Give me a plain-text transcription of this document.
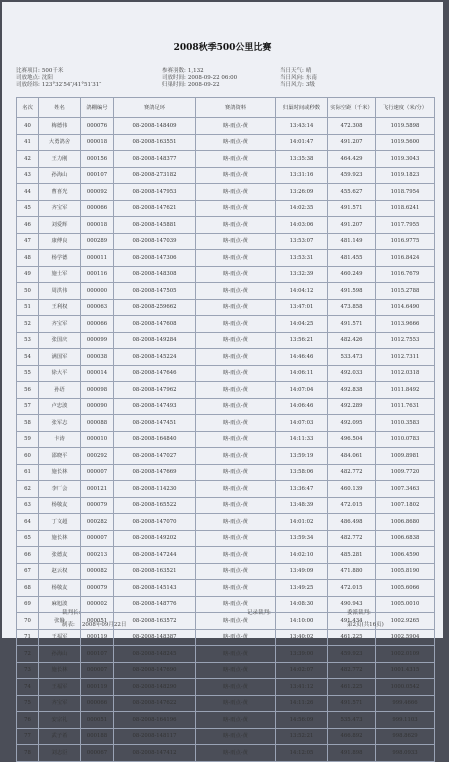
2008秋季500公里比赛
比赛项目: 500千米
司放地点: 沈阳
司放经纬: 123°32′54″/41°51′31″
参赛羽数: 1,132
司放时间: 2008-09-22 06:00
归巢时间: 2008-09-22
当日天气: 晴
当日风向: 东南
当日风力: 3级
名次	姓名	鸽棚编号	赛鸽足环	赛鸽资料	归巢时间或秒数	实际空距（千米）	飞行速度（米/分）
40	梅德伟	000076	08-2008-148409	瞎-雨点-黄	13:43:14	472.308	1019.5898
41	大勇鸽舍	000018	08-2008-163551	瞎-雨点-黄	14:01:47	491.207	1019.5600
42	王力刚	000156	08-2008-148377	瞎-雨点-黄	13:35:38	464.429	1019.3043
43	孙海山	000107	08-2008-273182	瞎-雨点-黄	13:31:16	459.923	1019.1823
44	曹喜光	000092	08-2008-147953	瞎-雨点-黄	13:26:09	455.627	1018.7954
45	齐宝军	000066	08-2008-147621	瞎-雨点-黄	14:02:35	491.571	1018.6241
46	刘爱辉	000018	08-2008-145881	瞎-雨点-黄	14:03:06	491.207	1017.7955
47	康傅良	000289	08-2008-147039	瞎-雨点-黄	13:53:07	481.149	1016.9775
48	杨学德	000011	08-2008-147306	瞎-雨点-黄	13:53:31	481.455	1016.8424
49	施士军	000116	08-2008-148308	瞎-雨点-黄	13:32:39	460.249	1016.7679
50	周洪伟	000000	08-2008-147505	瞎-雨点-黄	14:04:12	491.598	1015.2788
51	王利权	000063	08-2008-259662	瞎-雨点-黄	13:47:01	473.858	1014.6490
52	齐宝军	000066	08-2008-147608	瞎-雨点-黄	14:04:25	491.571	1013.9666
53	张国庆	000099	08-2008-149284	瞎-雨点-黄	13:56:21	482.426	1012.7553
54	满国军	000038	08-2008-145224	瞎-雨点-黄	14:46:46	533.473	1012.7311
55	徐大平	000014	08-2008-147646	瞎-雨点-黄	14:06:11	492.033	1012.0318
56	孙语	000098	08-2008-147962	瞎-雨点-黄	14:07:04	492.838	1011.8492
57	卢忠波	000090	08-2008-147493	瞎-雨点-黄	14:06:46	492.289	1011.7631
58	张军志	000088	08-2008-147451	瞎-雨点-黄	14:07:03	492.095	1010.3583
59	卡涛	000010	08-2008-164840	瞎-雨点-黄	14:11:33	496.504	1010.0783
60	邵晓平	000292	08-2008-147027	瞎-雨点-黄	13:59:19	484.061	1009.8981
61	施长林	000007	08-2008-147669	瞎-雨点-黄	13:58:06	482.772	1009.7720
62	李厂会	000121	08-2008-114230	瞎-雨点-黄	13:36:47	460.139	1007.3463
63	杨敬友	000079	08-2008-165522	瞎-雨点-黄	13:48:39	472.015	1007.1802
64	丁文超	000282	08-2008-147070	瞎-雨点-黄	14:01:02	486.498	1006.8680
65	施长林	000007	08-2008-149202	瞎-雨点-黄	13:59:34	482.772	1006.6838
66	张德友	000213	08-2008-147244	瞎-雨点-黄	14:02:10	485.281	1006.4590
67	赵云权	000082	08-2008-163521	瞎-雨点-黄	13:49:09	471.880	1005.8190
68	杨敬友	000079	08-2008-145143	瞎-雨点-黄	13:49:25	472.015	1005.6066
69	麻旭波	000002	08-2008-148776	瞎-雨点-黄	14:08:30	490.943	1005.0010
70	张静	000051	08-2008-163572	瞎-雨点-黄	14:10:00	491.434	1002.9265
71	王福军	000119	08-2008-148387	瞎-雨点-黄	13:40:02	461.225	1002.5904
72	孙海山	000107	08-2008-148245	瞎-雨点-黄	13:39:00	459.923	1002.0109
73	施长林	000007	08-2008-147690	瞎-雨点-黄	14:02:07	482.772	1001.4315
74	王福军	000119	08-2008-148290	瞎-雨点-黄	13:41:12	461.225	1000.0542
75	齐宝军	000066	08-2008-147622	瞎-雨点-黄	14:11:26	491.571	999.4666
76	安宗礼	000051	08-2008-164196	瞎-雨点-黄	14:56:09	535.473	999.1103
77	武子希	000188	08-2008-148117	瞎-雨点-黄	13:52:21	466.892	998.8629
78	刘志臣	000067	08-2008-147412	瞎-雨点-黄	14:12:05	491.898	998.0933
裁判长:	记录裁判:	委派裁判:
制表: 2008年09月22日	第2页(共16页)
